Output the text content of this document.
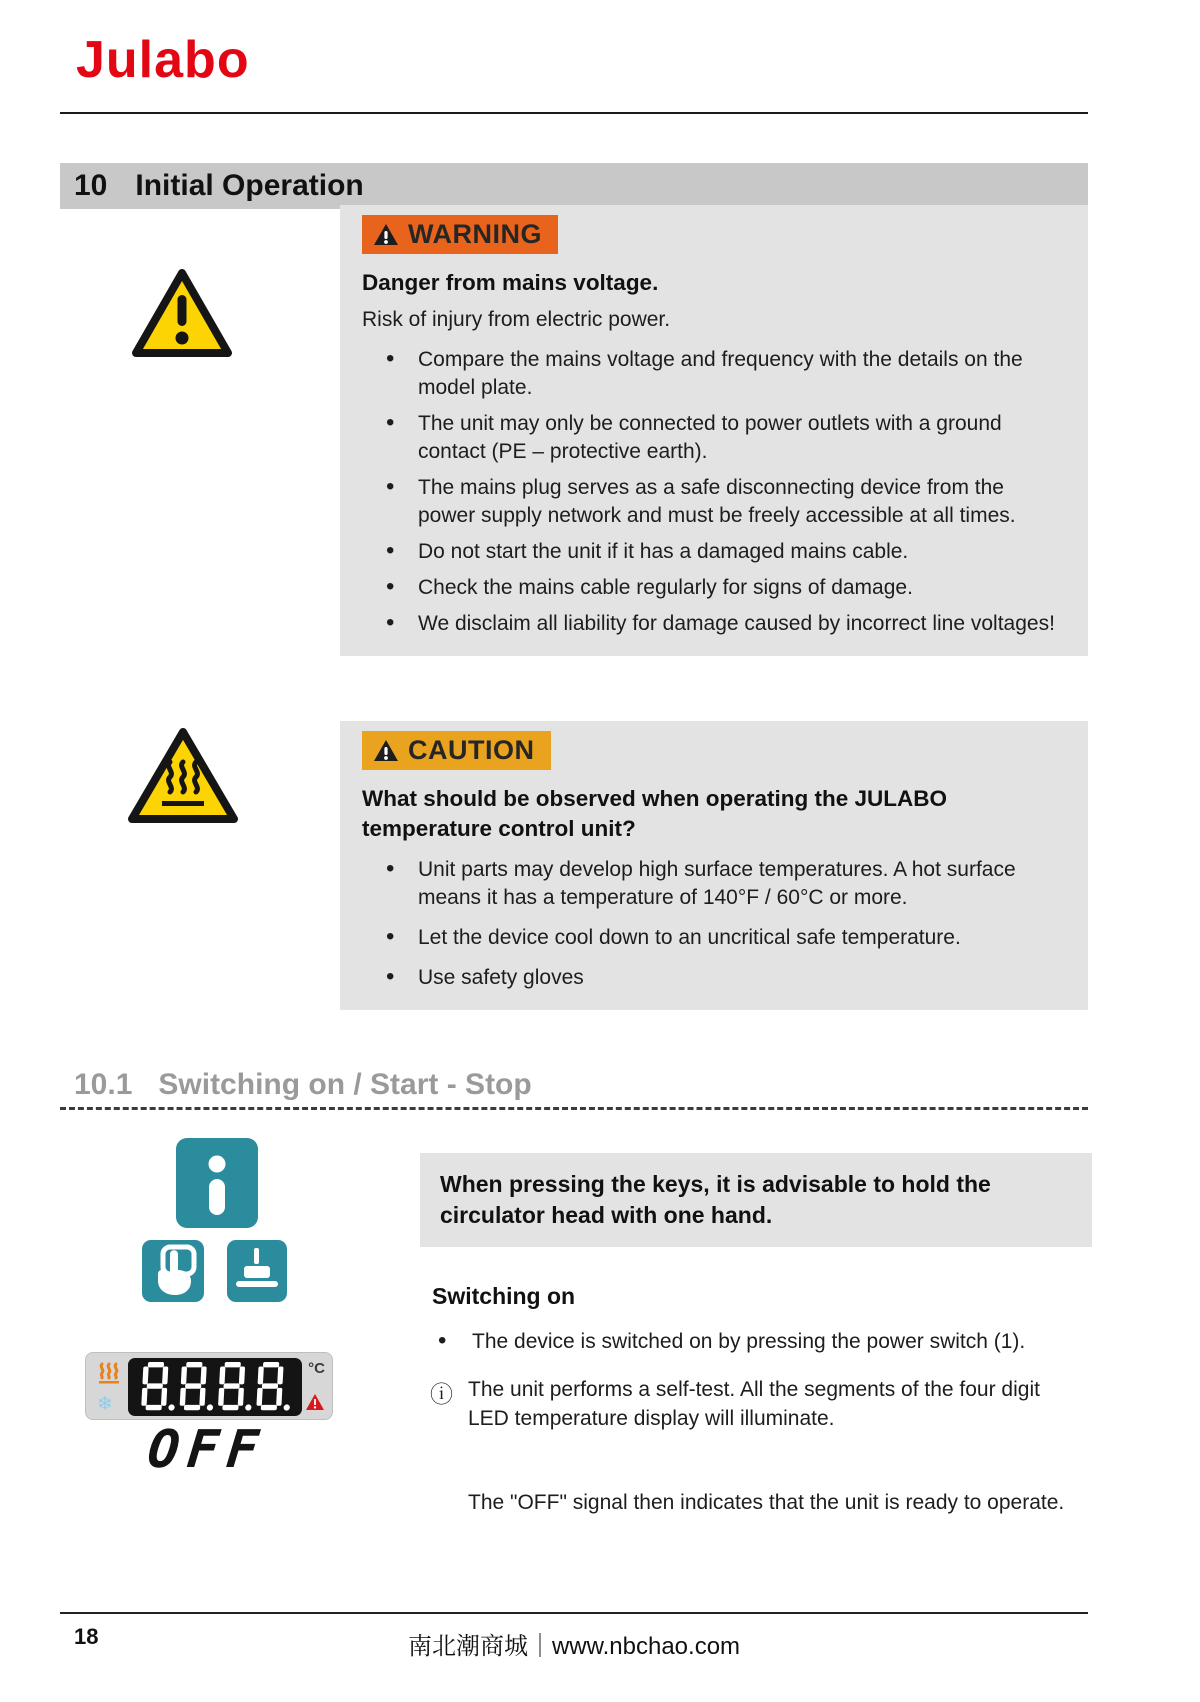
Julabo
10 Initial Operation
WARNING
Danger from mains voltage.
Risk of injury from electric power.
• Compare the mains voltage and frequency with the details on the model plate.
• The unit may only be connected to power outlets with a ground contact (PE – protective earth).
• The mains plug serves as a safe disconnecting device from the power supply network and must be freely accessible at all times.
• Do not start the unit if it has a damaged mains cable.
• Check the mains cable regularly for signs of damage.
• We disclaim all liability for damage caused by incorrect line voltages!
CAUTION
What should be observed when operating the JULABO temperature control unit?
• Unit parts may develop high surface temperatures. A hot surface means it has a temperature of 140°F / 60°C or more.
• Let the device cool down to an uncritical safe temperature.
• Use safety gloves
10.1 Switching on / Start - Stop
When pressing the keys, it is advisable to hold the circulator head with one hand.
Switching on
• The device is switched on by pressing the power switch (1).
❄
°C
OFF
ⓘ The unit performs a self-test. All the segments of the four digit LED temperature display will illuminate.
The "OFF" signal then indicates that the unit is ready to operate.
18	南北潮商城｜www.nbchao.com
